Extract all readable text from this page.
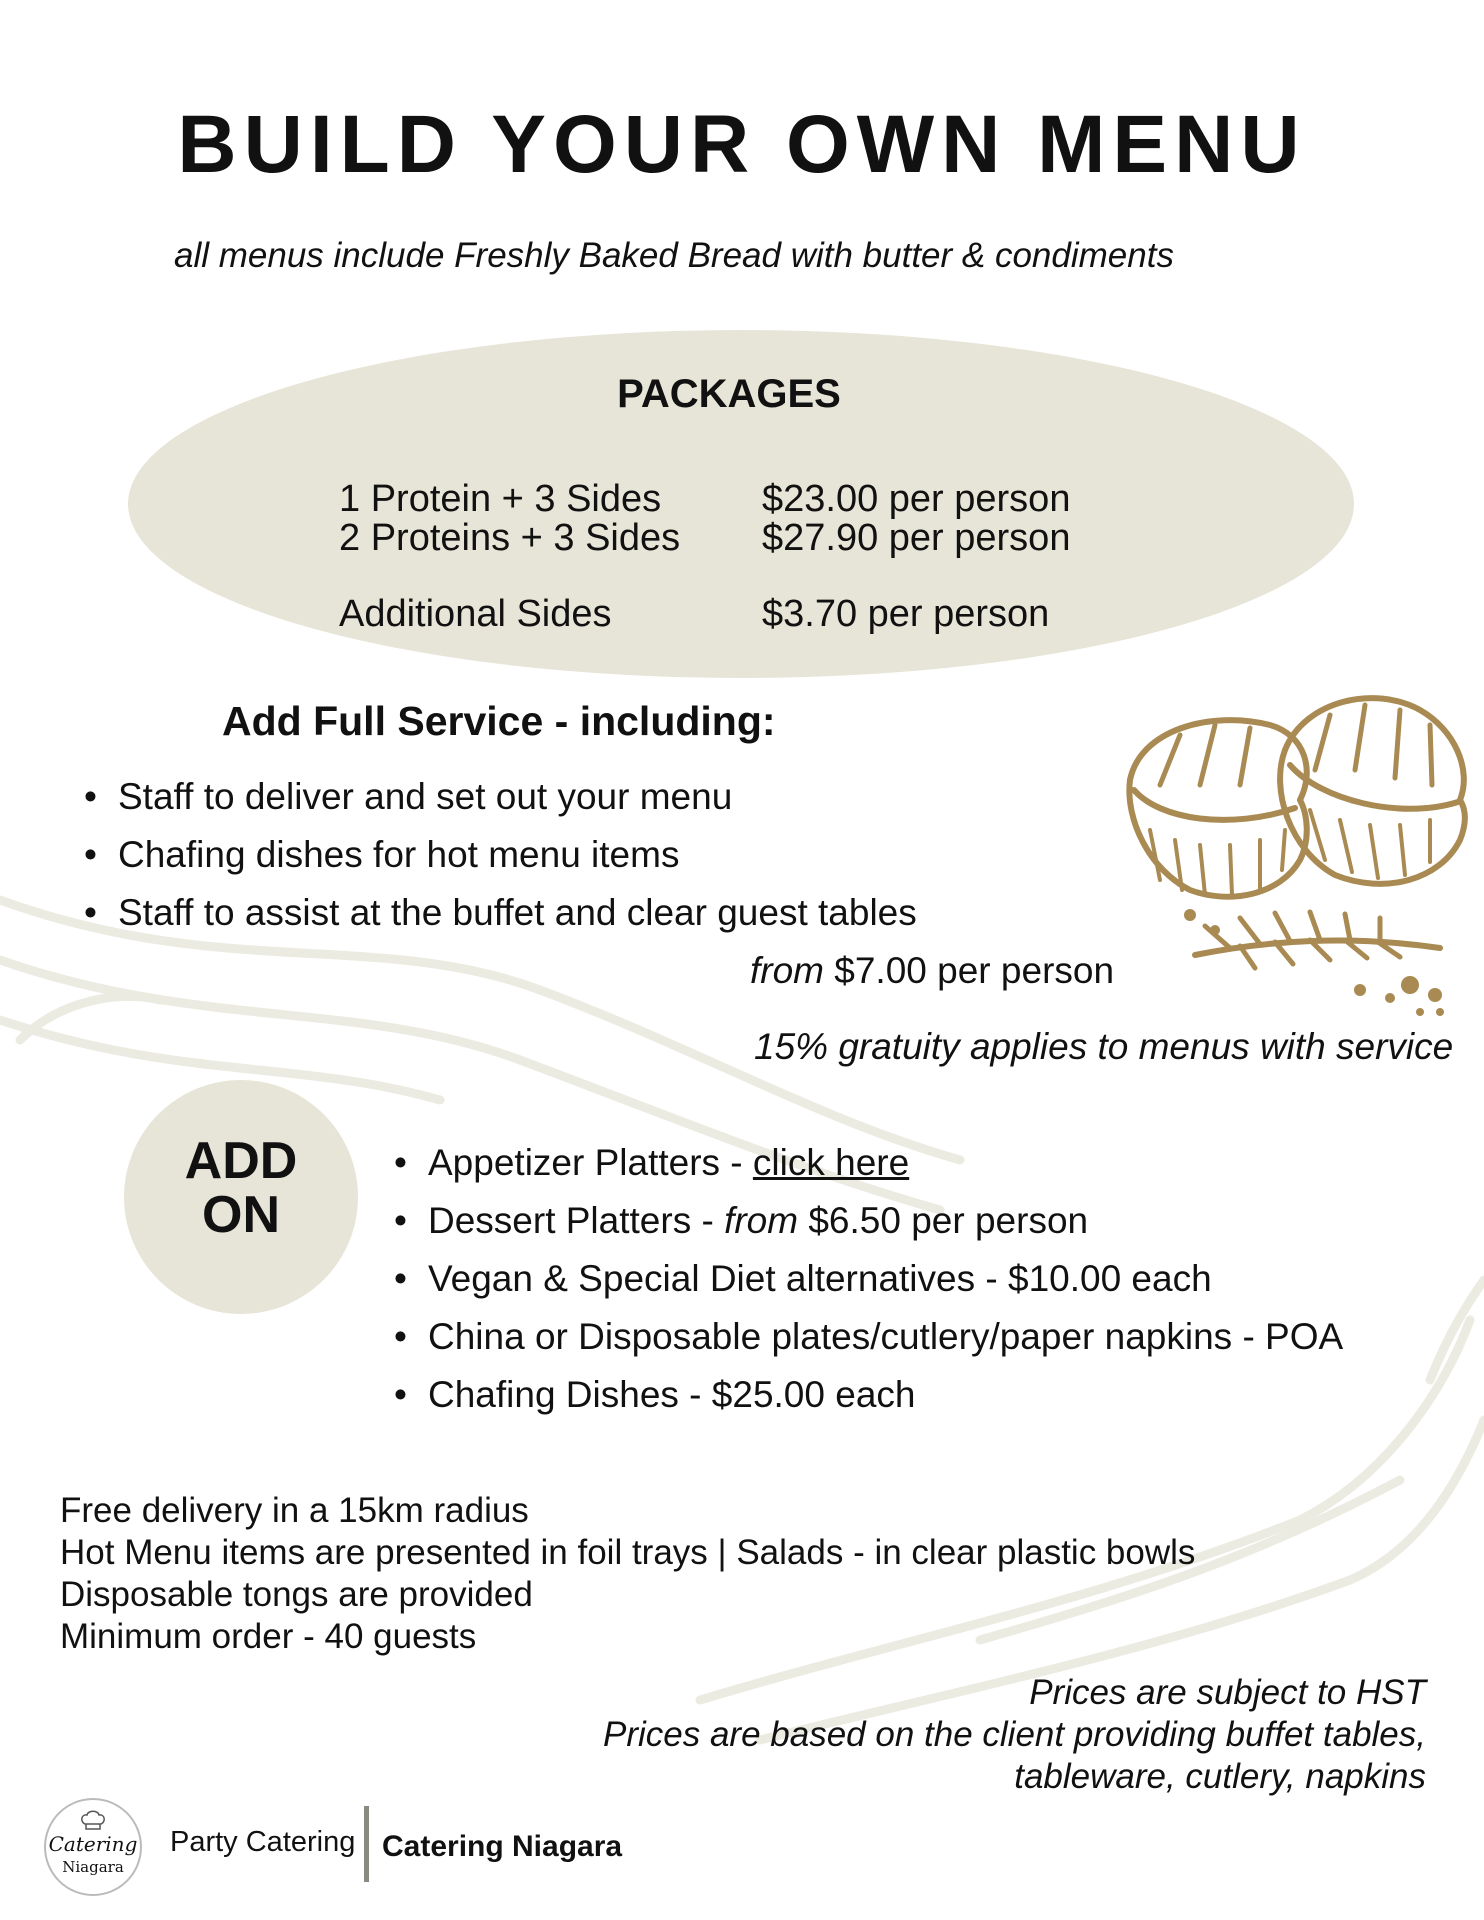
BUILD YOUR OWN MENU
all menus include Freshly Baked Bread with butter & condiments
PACKAGES
1 Protein + 3 Sides	$23.00 per person
2 Proteins + 3 Sides $27.90 per person
Additional Sides	$3.70 per person
Add Full Service - including:
• Staff to deliver and set out your menu
• Chafing dishes for hot menu items
• Staff to assist at the buffet and clear guest tables
from $7.00 per person
15% gratuity applies to menus with service
ADD
ON
• Appetizer Platters - click here
• Dessert Platters - from $6.50 per person
• Vegan & Special Diet alternatives - $10.00 each
• China or Disposable plates/cutlery/paper napkins - POA
• Chafing Dishes - $25.00 each
Free delivery in a 15km radius
Hot Menu items are presented in foil trays | Salads - in clear plastic bowls
Disposable tongs are provided
Minimum order - 40 guests
Prices are subject to HST
Prices are based on the client providing buffet tables,
tableware, cutlery, napkins
Catering
Niagara
Party Catering Catering Niagara
